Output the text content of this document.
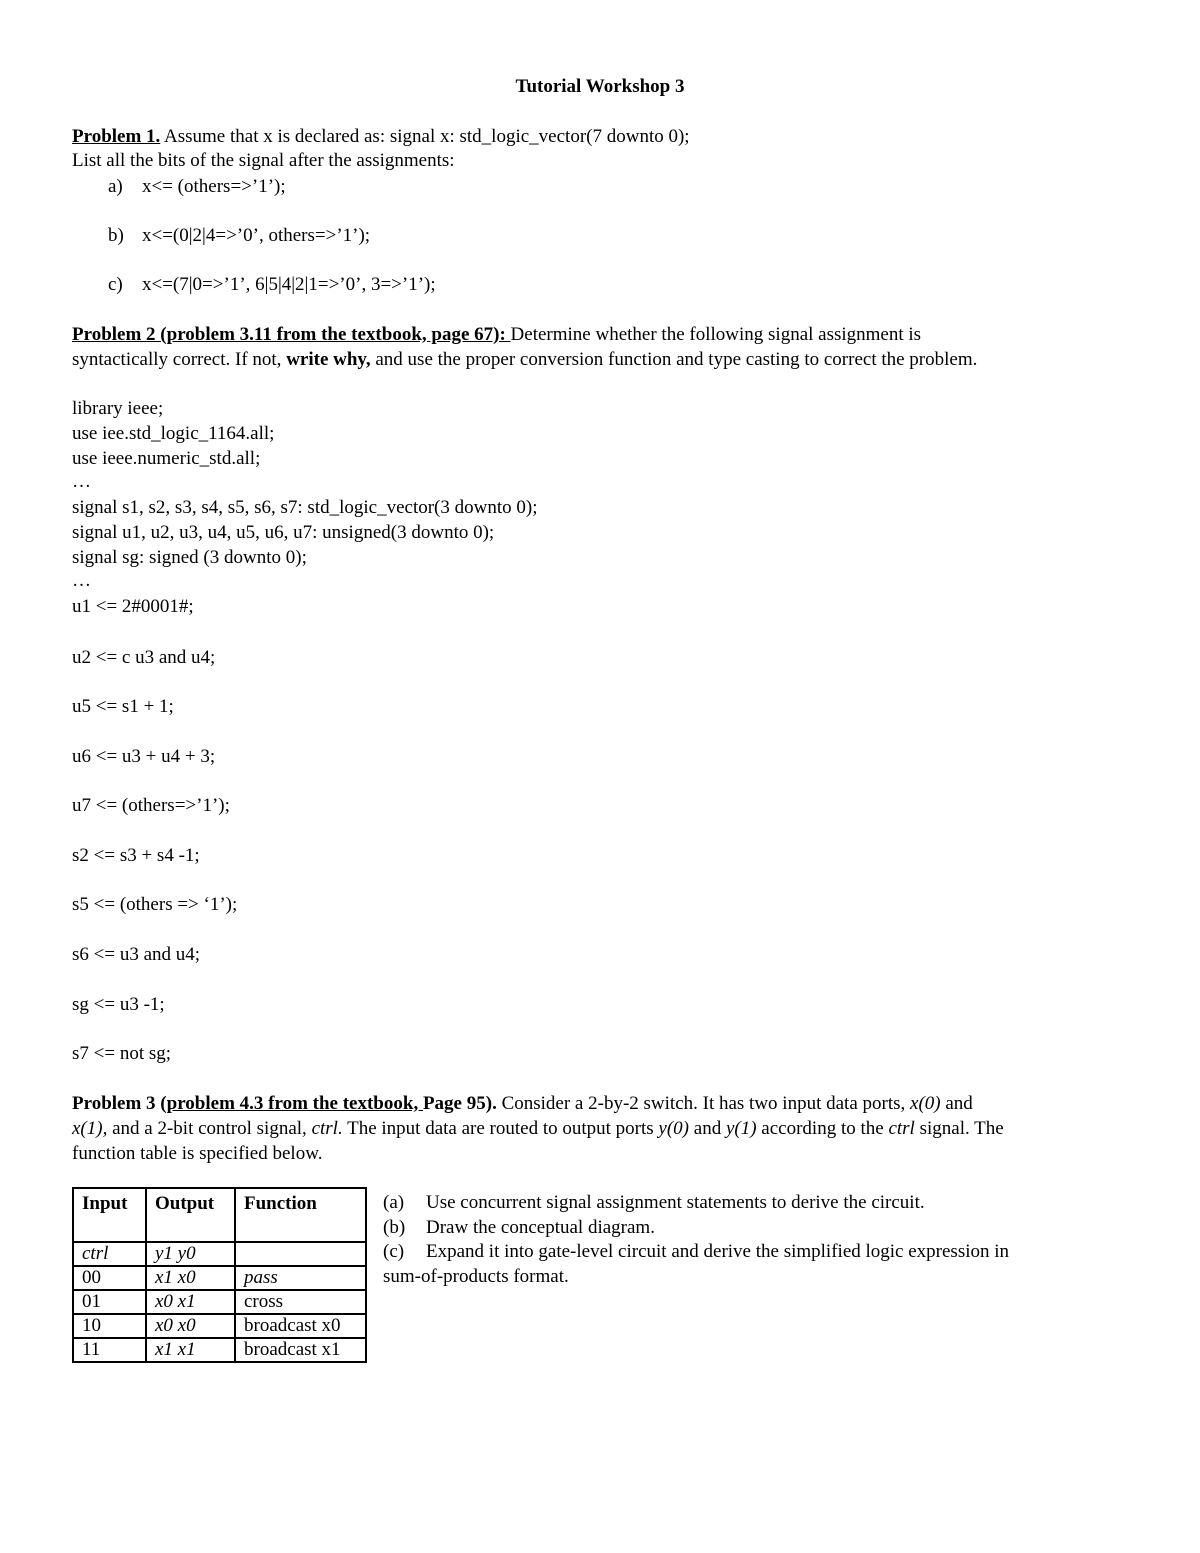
Tutorial Workshop 3
Problem 1. Assume that x is declared as: signal x: std_logic_vector(7 downto 0);
List all the bits of the signal after the assignments:
a) x<= (others=>’1’);
b) x<=(0|2|4=>’0’, others=>’1’);
c) x<=(7|0=>’1’, 6|5|4|2|1=>’0’, 3=>’1’);
Problem 2 (problem 3.11 from the textbook, page 67): Determine whether the following signal assignment is
syntactically correct. If not, write why, and use the proper conversion function and type casting to correct the problem.
library ieee;
use iee.std_logic_1164.all;
use ieee.numeric_std.all;
…
signal s1, s2, s3, s4, s5, s6, s7: std_logic_vector(3 downto 0);
signal u1, u2, u3, u4, u5, u6, u7: unsigned(3 downto 0);
signal sg: signed (3 downto 0);
…
u1 <= 2#0001#;
u2 <= c u3 and u4;
u5 <= s1 + 1;
u6 <= u3 + u4 + 3;
u7 <= (others=>’1’);
s2 <= s3 + s4 -1;
s5 <= (others => ‘1’);
s6 <= u3 and u4;
sg <= u3 -1;
s7 <= not sg;
Problem 3 (problem 4.3 from the textbook, Page 95). Consider a 2-by-2 switch. It has two input data ports, x(0) and
x(1), and a 2-bit control signal, ctrl. The input data are routed to output ports y(0) and y(1) according to the ctrl signal. The
function table is specified below.
Input	Output	Function
ctrl	y1 y0	
00	x1 x0	pass
01	x0 x1	cross
10	x0 x0	broadcast x0
11	x1 x1	broadcast x1
(a) Use concurrent signal assignment statements to derive the circuit.
(b) Draw the conceptual diagram.
(c) Expand it into gate-level circuit and derive the simplified logic expression in
sum-of-products format.
